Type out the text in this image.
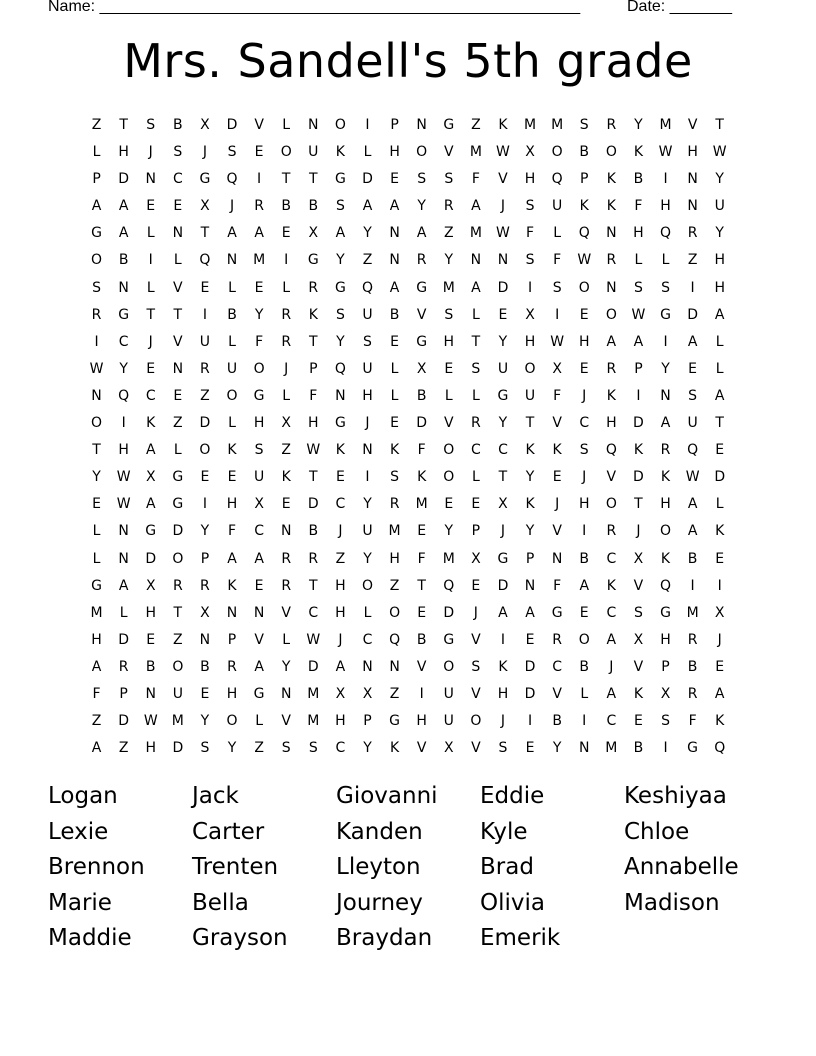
Name: ______________________________________________________	Date: _______
Mrs. Sandell's 5th grade
Z	T	S	B	X	D	V	L	N	O	I	P	N	G	Z	K	M	M	S	R	Y	M	V	T
L	H	J	S	J	S	E	O	U	K	L	H	O	V	M	W	X	O	B	O	K	W	H	W
P	D	N	C	G	Q	I	T	T	G	D	E	S	S	F	V	H	Q	P	K	B	I	N	Y
A	A	E	E	X	J	R	B	B	S	A	A	Y	R	A	J	S	U	K	K	F	H	N	U
G	A	L	N	T	A	A	E	X	A	Y	N	A	Z	M	W	F	L	Q	N	H	Q	R	Y
O	B	I	L	Q	N	M	I	G	Y	Z	N	R	Y	N	N	S	F	W	R	L	L	Z	H
S	N	L	V	E	L	E	L	R	G	Q	A	G	M	A	D	I	S	O	N	S	S	I	H
R	G	T	T	I	B	Y	R	K	S	U	B	V	S	L	E	X	I	E	O	W	G	D	A
I	C	J	V	U	L	F	R	T	Y	S	E	G	H	T	Y	H	W	H	A	A	I	A	L
W	Y	E	N	R	U	O	J	P	Q	U	L	X	E	S	U	O	X	E	R	P	Y	E	L
N	Q	C	E	Z	O	G	L	F	N	H	L	B	L	L	G	U	F	J	K	I	N	S	A
O	I	K	Z	D	L	H	X	H	G	J	E	D	V	R	Y	T	V	C	H	D	A	U	T
T	H	A	L	O	K	S	Z	W	K	N	K	F	O	C	C	K	K	S	Q	K	R	Q	E
Y	W	X	G	E	E	U	K	T	E	I	S	K	O	L	T	Y	E	J	V	D	K	W	D
E	W	A	G	I	H	X	E	D	C	Y	R	M	E	E	X	K	J	H	O	T	H	A	L
L	N	G	D	Y	F	C	N	B	J	U	M	E	Y	P	J	Y	V	I	R	J	O	A	K
L	N	D	O	P	A	A	R	R	Z	Y	H	F	M	X	G	P	N	B	C	X	K	B	E
G	A	X	R	R	K	E	R	T	H	O	Z	T	Q	E	D	N	F	A	K	V	Q	I	I
M	L	H	T	X	N	N	V	C	H	L	O	E	D	J	A	A	G	E	C	S	G	M	X
H	D	E	Z	N	P	V	L	W	J	C	Q	B	G	V	I	E	R	O	A	X	H	R	J
A	R	B	O	B	R	A	Y	D	A	N	N	V	O	S	K	D	C	B	J	V	P	B	E
F	P	N	U	E	H	G	N	M	X	X	Z	I	U	V	H	D	V	L	A	K	X	R	A
Z	D	W	M	Y	O	L	V	M	H	P	G	H	U	O	J	I	B	I	C	E	S	F	K
A	Z	H	D	S	Y	Z	S	S	C	Y	K	V	X	V	S	E	Y	N	M	B	I	G	Q
Logan	Jack	Giovanni	Eddie	Keshiyaa
Lexie	Carter	Kanden	Kyle	Chloe
Brennon	Trenten	Lleyton	Brad	Annabelle
Marie	Bella	Journey	Olivia	Madison
Maddie	Grayson	Braydan	Emerik
